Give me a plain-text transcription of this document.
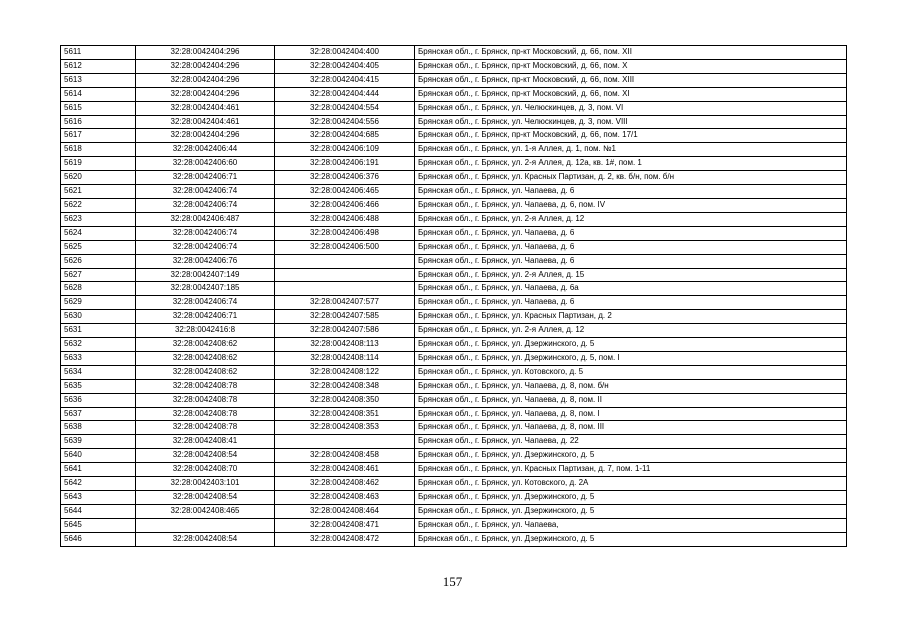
5611	32:28:0042404:296	32:28:0042404:400	Брянская обл., г. Брянск, пр-кт Московский, д. 66, пом. XII
5612	32:28:0042404:296	32:28:0042404:405	Брянская обл., г. Брянск, пр-кт Московский, д. 66, пом. X
5613	32:28:0042404:296	32:28:0042404:415	Брянская обл., г. Брянск, пр-кт Московский, д. 66, пом. XIII
5614	32:28:0042404:296	32:28:0042404:444	Брянская обл., г. Брянск, пр-кт Московский, д. 66, пом. XI
5615	32:28:0042404:461	32:28:0042404:554	Брянская обл., г. Брянск, ул. Челюскинцев, д. 3, пом. VI
5616	32:28:0042404:461	32:28:0042404:556	Брянская обл., г. Брянск, ул. Челюскинцев, д. 3, пом. VIII
5617	32:28:0042404:296	32:28:0042404:685	Брянская обл., г. Брянск, пр-кт Московский, д. 66, пом. 17/1
5618	32:28:0042406:44	32:28:0042406:109	Брянская обл., г. Брянск, ул. 1-я Аллея, д. 1, пом. №1
5619	32:28:0042406:60	32:28:0042406:191	Брянская обл., г. Брянск, ул. 2-я Аллея, д. 12а, кв. 1#, пом. 1
5620	32:28:0042406:71	32:28:0042406:376	Брянская обл., г. Брянск, ул. Красных Партизан, д. 2, кв. б/н, пом. б/н
5621	32:28:0042406:74	32:28:0042406:465	Брянская обл., г. Брянск, ул. Чапаева, д. 6
5622	32:28:0042406:74	32:28:0042406:466	Брянская обл., г. Брянск, ул. Чапаева, д. 6, пом. IV
5623	32:28:0042406:487	32:28:0042406:488	Брянская обл., г. Брянск, ул. 2-я Аллея, д. 12
5624	32:28:0042406:74	32:28:0042406:498	Брянская обл., г. Брянск, ул. Чапаева, д. 6
5625	32:28:0042406:74	32:28:0042406:500	Брянская обл., г. Брянск, ул. Чапаева, д. 6
5626	32:28:0042406:76		Брянская обл., г. Брянск, ул. Чапаева, д. 6
5627	32:28:0042407:149		Брянская обл., г. Брянск, ул. 2-я Аллея, д. 15
5628	32:28:0042407:185		Брянская обл., г. Брянск, ул. Чапаева, д. 6а
5629	32:28:0042406:74	32:28:0042407:577	Брянская обл., г. Брянск, ул. Чапаева, д. 6
5630	32:28:0042406:71	32:28:0042407:585	Брянская обл., г. Брянск, ул. Красных Партизан, д. 2
5631	32:28:0042416:8	32:28:0042407:586	Брянская обл., г. Брянск, ул. 2-я Аллея, д. 12
5632	32:28:0042408:62	32:28:0042408:113	Брянская обл., г. Брянск, ул. Дзержинского, д. 5
5633	32:28:0042408:62	32:28:0042408:114	Брянская обл., г. Брянск, ул. Дзержинского, д. 5, пом. I
5634	32:28:0042408:62	32:28:0042408:122	Брянская обл., г. Брянск, ул. Котовского, д. 5
5635	32:28:0042408:78	32:28:0042408:348	Брянская обл., г. Брянск, ул. Чапаева, д. 8, пом. б/н
5636	32:28:0042408:78	32:28:0042408:350	Брянская обл., г. Брянск, ул. Чапаева, д. 8, пом. II
5637	32:28:0042408:78	32:28:0042408:351	Брянская обл., г. Брянск, ул. Чапаева, д. 8, пом. I
5638	32:28:0042408:78	32:28:0042408:353	Брянская обл., г. Брянск, ул. Чапаева, д. 8, пом. III
5639	32:28:0042408:41		Брянская обл., г. Брянск, ул. Чапаева, д. 22
5640	32:28:0042408:54	32:28:0042408:458	Брянская обл., г. Брянск, ул. Дзержинского, д. 5
5641	32:28:0042408:70	32:28:0042408:461	Брянская обл., г. Брянск, ул. Красных Партизан, д. 7, пом. 1-11
5642	32:28:0042403:101	32:28:0042408:462	Брянская обл., г. Брянск, ул. Котовского, д. 2А
5643	32:28:0042408:54	32:28:0042408:463	Брянская обл., г. Брянск, ул. Дзержинского, д. 5
5644	32:28:0042408:465	32:28:0042408:464	Брянская обл., г. Брянск, ул. Дзержинского, д. 5
5645		32:28:0042408:471	Брянская обл., г. Брянск, ул. Чапаева,
5646	32:28:0042408:54	32:28:0042408:472	Брянская обл., г. Брянск, ул. Дзержинского, д. 5
157
